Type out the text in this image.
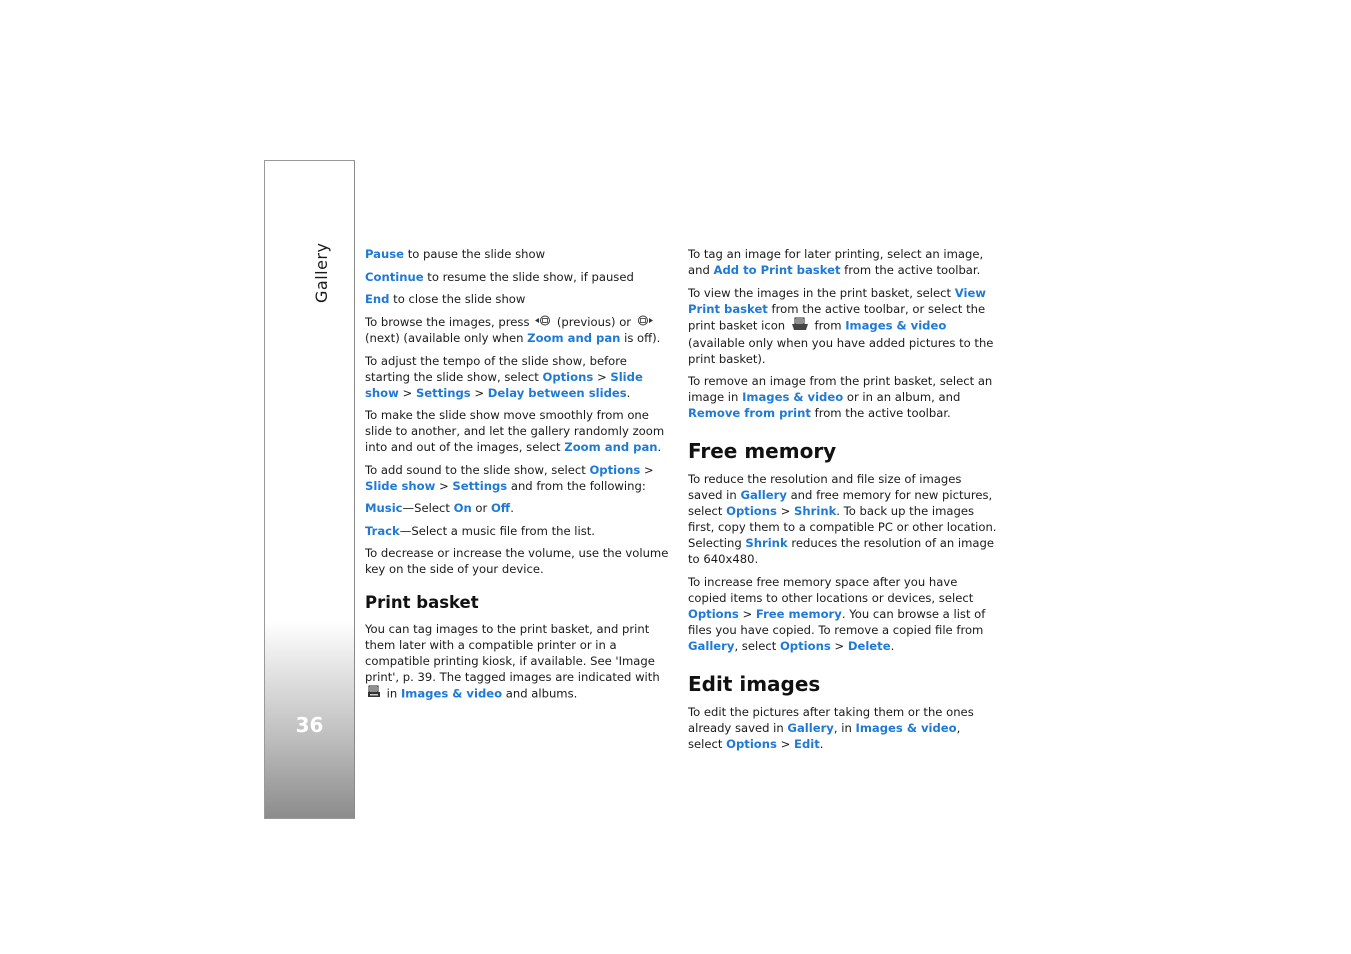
Gallery
36

Pause to pause the slide show

Continue to resume the slide show, if paused

End to close the slide show

To browse the images, press  (previous) or  (next) (available only when Zoom and pan is off).

To adjust the tempo of the slide show, before starting the slide show, select Options > Slide show > Settings > Delay between slides.

To make the slide show move smoothly from one slide to another, and let the gallery randomly zoom into and out of the images, select Zoom and pan.

To add sound to the slide show, select Options > Slide show > Settings and from the following:

Music—Select On or Off.

Track—Select a music file from the list.

To decrease or increase the volume, use the volume key on the side of your device.

Print basket

You can tag images to the print basket, and print them later with a compatible printer or in a compatible printing kiosk, if available. See 'Image print', p. 39. The tagged images are indicated with  in Images & video and albums.

To tag an image for later printing, select an image, and Add to Print basket from the active toolbar.

To view the images in the print basket, select View Print basket from the active toolbar, or select the print basket icon  from Images & video (available only when you have added pictures to the print basket).

To remove an image from the print basket, select an image in Images & video or in an album, and Remove from print from the active toolbar.

Free memory

To reduce the resolution and file size of images saved in Gallery and free memory for new pictures, select Options > Shrink. To back up the images first, copy them to a compatible PC or other location. Selecting Shrink reduces the resolution of an image to 640x480.

To increase free memory space after you have copied items to other locations or devices, select Options > Free memory. You can browse a list of files you have copied. To remove a copied file from Gallery, select Options > Delete.

Edit images

To edit the pictures after taking them or the ones already saved in Gallery, in Images & video, select Options > Edit.
